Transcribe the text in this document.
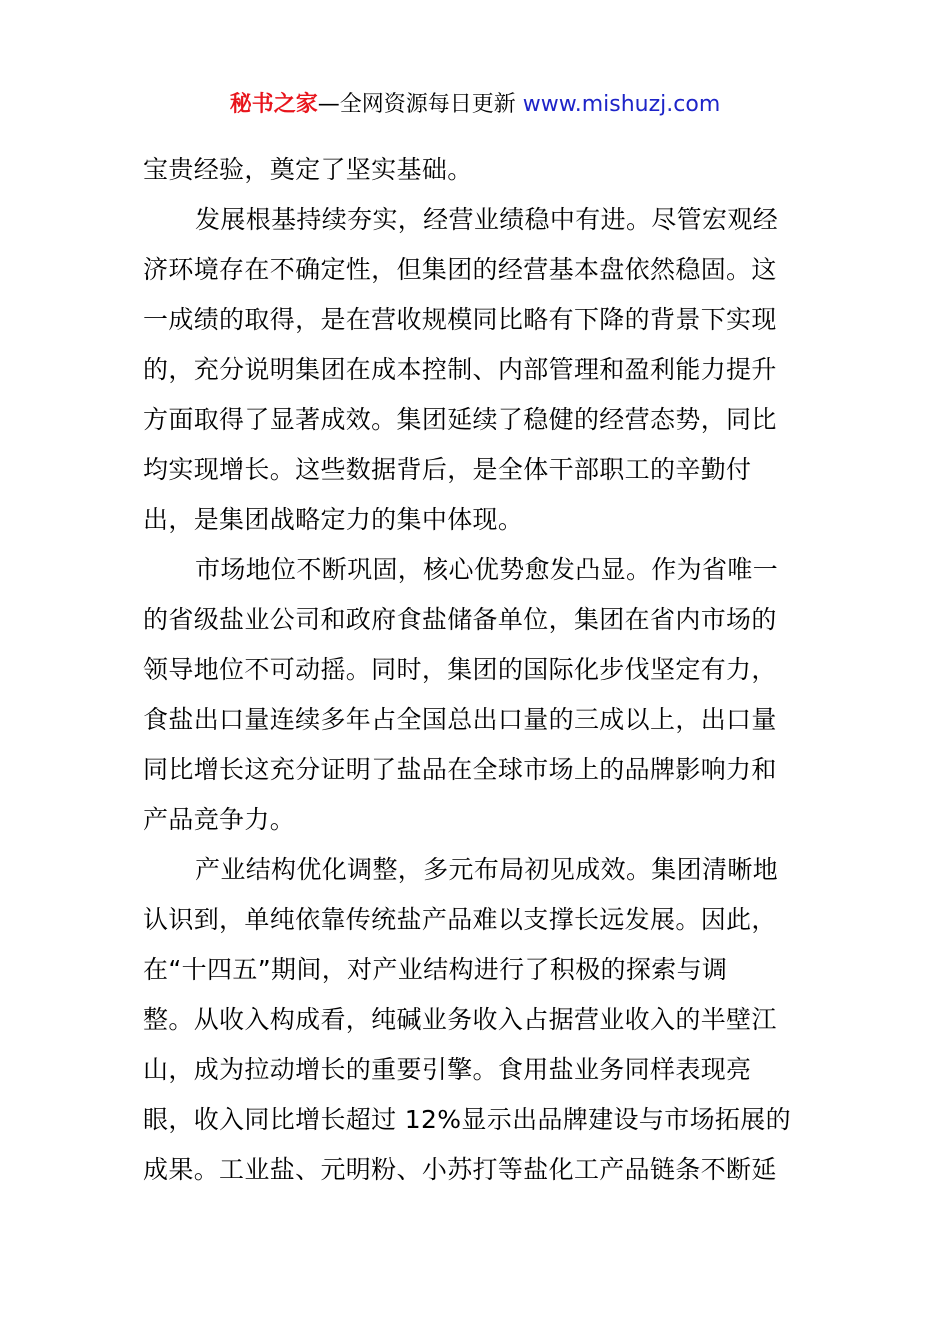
秘书之家—全网资源每日更新 www.mishuzj.com
宝贵经验，奠定了坚实基础。
发展根基持续夯实，经营业绩稳中有进。尽管宏观经
济环境存在不确定性，但集团的经营基本盘依然稳固。这
一成绩的取得，是在营收规模同比略有下降的背景下实现
的，充分说明集团在成本控制、内部管理和盈利能力提升
方面取得了显著成效。集团延续了稳健的经营态势，同比
均实现增长。这些数据背后，是全体干部职工的辛勤付
出，是集团战略定力的集中体现。
市场地位不断巩固，核心优势愈发凸显。作为省唯一
的省级盐业公司和政府食盐储备单位，集团在省内市场的
领导地位不可动摇。同时，集团的国际化步伐坚定有力，
食盐出口量连续多年占全国总出口量的三成以上，出口量
同比增长这充分证明了盐品在全球市场上的品牌影响力和
产品竞争力。
产业结构优化调整，多元布局初见成效。集团清晰地
认识到，单纯依靠传统盐产品难以支撑长远发展。因此，
在“十四五”期间，对产业结构进行了积极的探索与调
整。从收入构成看，纯碱业务收入占据营业收入的半壁江
山，成为拉动增长的重要引擎。食用盐业务同样表现亮
眼，收入同比增长超过 12%显示出品牌建设与市场拓展的
成果。工业盐、元明粉、小苏打等盐化工产品链条不断延
